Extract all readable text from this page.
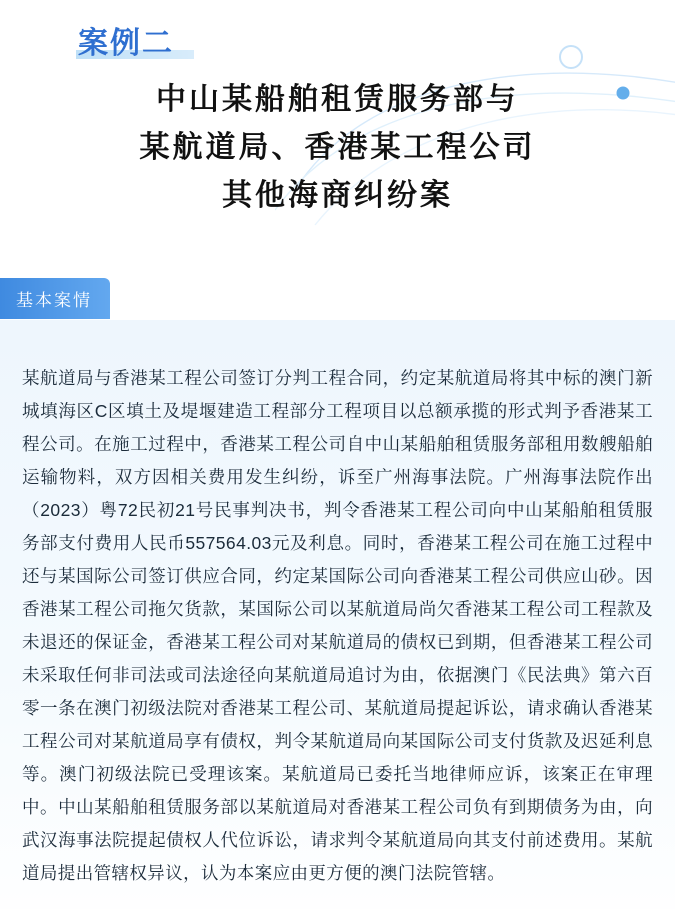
案例二
中山某船舶租赁服务部与
某航道局、香港某工程公司
其他海商纠纷案
基本案情
某航道局与香港某工程公司签订分判工程合同，约定某航道局将其中标的澳门新城填海区C区填土及堤堰建造工程部分工程项目以总额承揽的形式判予香港某工程公司。在施工过程中，香港某工程公司自中山某船舶租赁服务部租用数艘船舶运输物料，双方因相关费用发生纠纷，诉至广州海事法院。广州海事法院作出（2023）粤72民初21号民事判决书，判令香港某工程公司向中山某船舶租赁服务部支付费用人民币557564.03元及利息。同时，香港某工程公司在施工过程中还与某国际公司签订供应合同，约定某国际公司向香港某工程公司供应山砂。因香港某工程公司拖欠货款，某国际公司以某航道局尚欠香港某工程公司工程款及未退还的保证金，香港某工程公司对某航道局的债权已到期，但香港某工程公司未采取任何非司法或司法途径向某航道局追讨为由，依据澳门《民法典》第六百零一条在澳门初级法院对香港某工程公司、某航道局提起诉讼，请求确认香港某工程公司对某航道局享有债权，判令某航道局向某国际公司支付货款及迟延利息等。澳门初级法院已受理该案。某航道局已委托当地律师应诉，该案正在审理中。中山某船舶租赁服务部以某航道局对香港某工程公司负有到期债务为由，向武汉海事法院提起债权人代位诉讼，请求判令某航道局向其支付前述费用。某航道局提出管辖权异议，认为本案应由更方便的澳门法院管辖。
